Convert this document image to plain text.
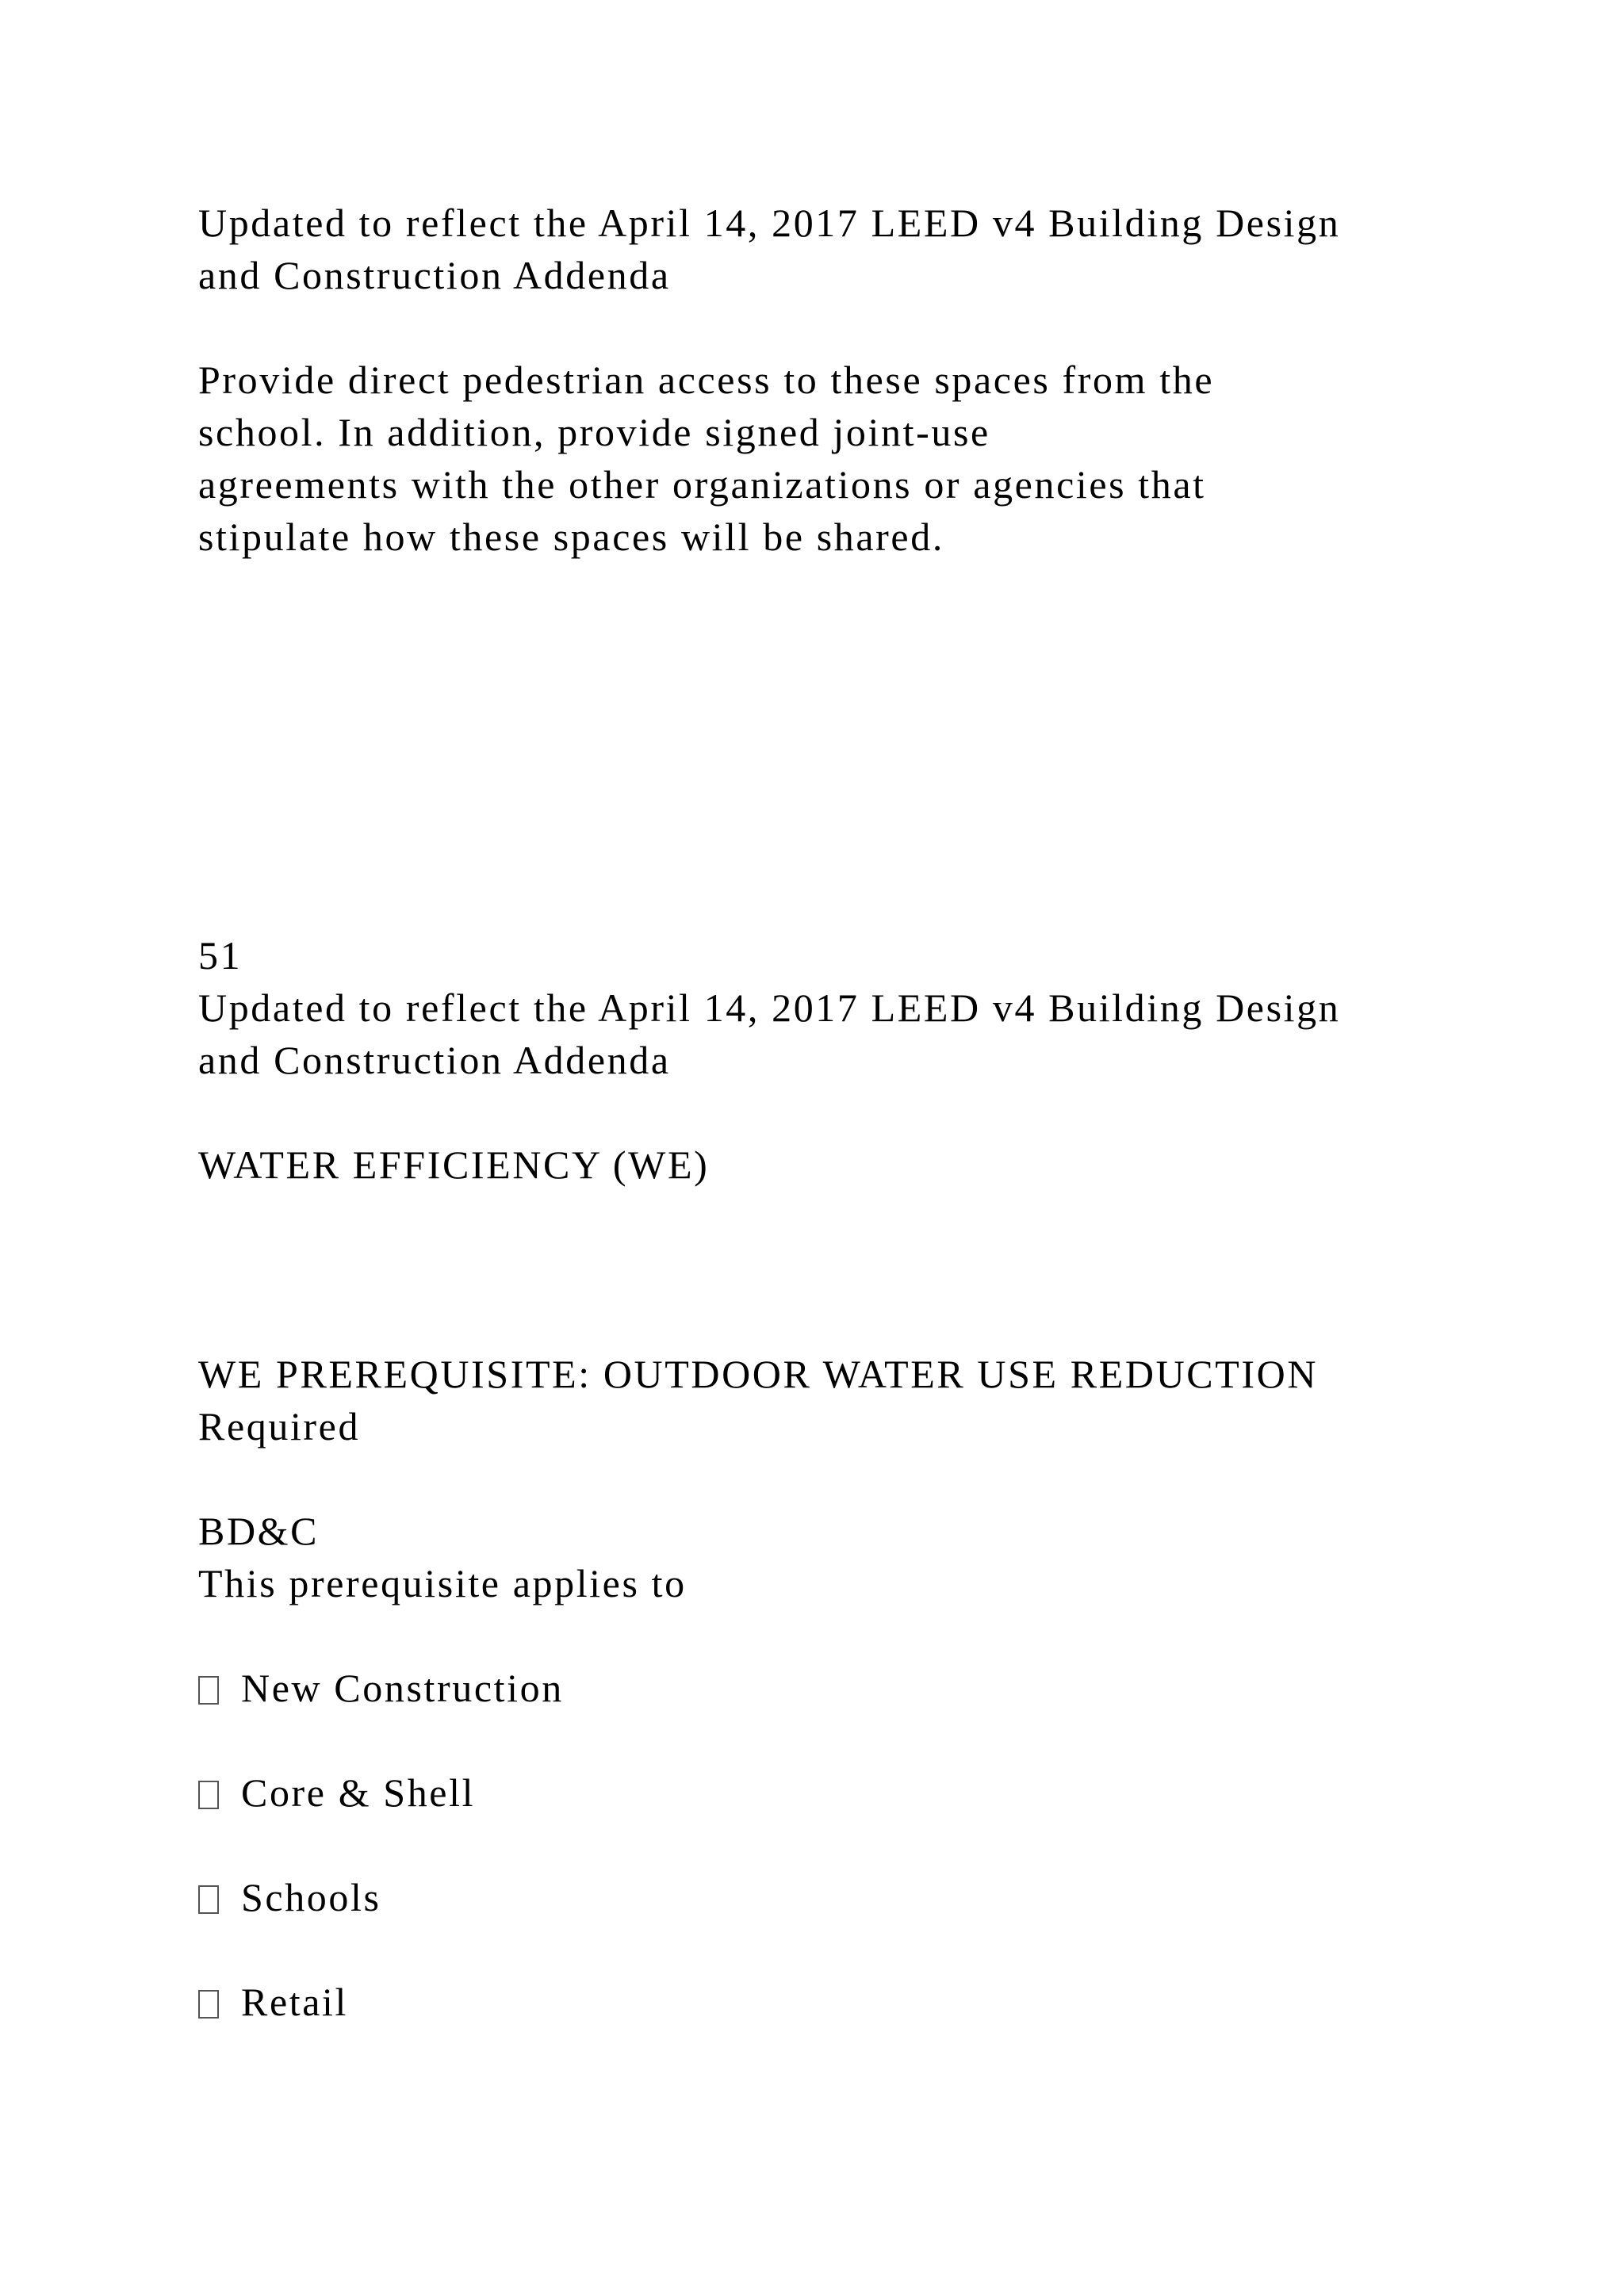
Updated to reflect the April 14, 2017 LEED v4 Building Design
and Construction Addenda
Provide direct pedestrian access to these spaces from the
school. In addition, provide signed joint-use
agreements with the other organizations or agencies that
stipulate how these spaces will be shared.
51
Updated to reflect the April 14, 2017 LEED v4 Building Design
and Construction Addenda
WATER EFFICIENCY (WE)
WE PREREQUISITE: OUTDOOR WATER USE REDUCTION
Required
BD&C
This prerequisite applies to
New Construction
Core & Shell
Schools
Retail
